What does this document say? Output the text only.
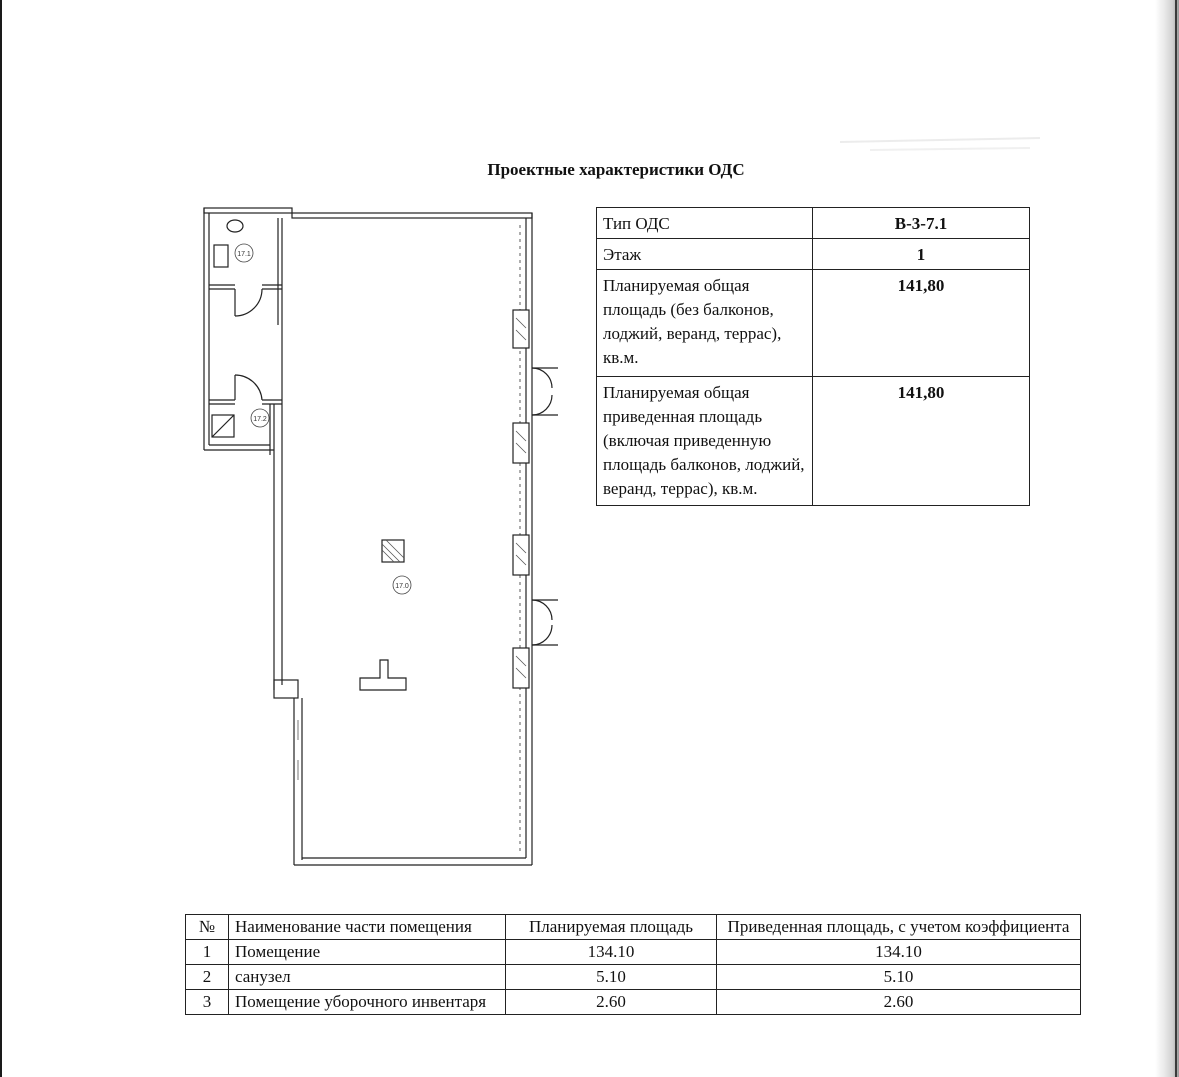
Проектные характеристики ОДС
17.1
17.2
17.0
Тип ОДС	В-3-7.1
Этаж	1
Планируемая общая площадь (без балконов, лоджий, веранд, террас), кв.м.	141,80
Планируемая общая приведенная площадь (включая приведенную площадь балконов, лоджий, веранд, террас), кв.м.	141,80
№	Наименование части помещения	Планируемая площадь	Приведенная площадь, с учетом коэффициента
1	Помещение	134.10	134.10
2	санузел	5.10	5.10
3	Помещение уборочного инвентаря	2.60	2.60
